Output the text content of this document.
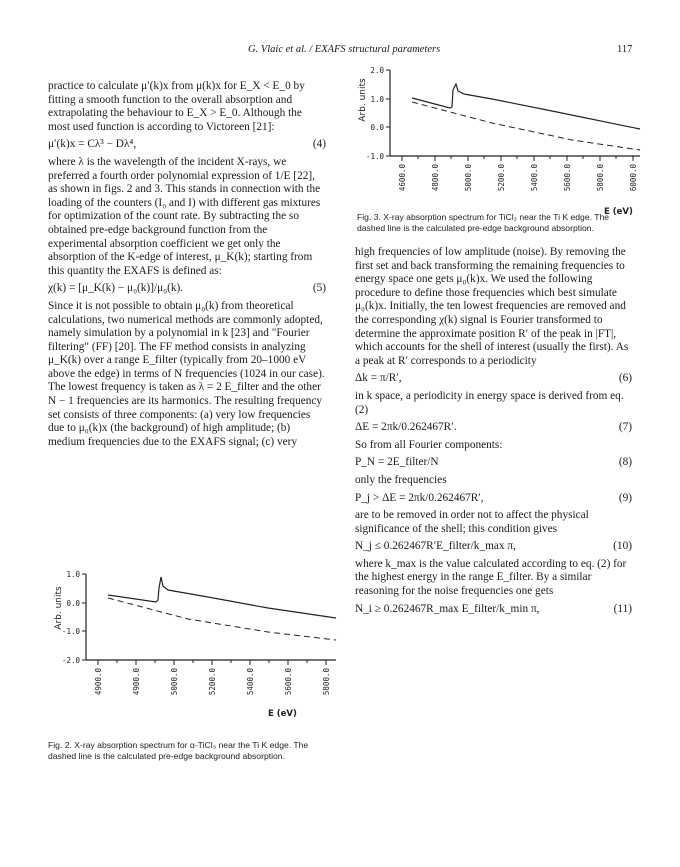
G. Vlaic et al. / EXAFS structural parameters	117

practice to calculate μ′(k)x from μ(k)x for E_X < E_0 by fitting a smooth function to the overall absorption and extrapolating the behaviour to E_X > E_0. Although the most used function is according to Victoreen [21]:

μ′(k)x = Cλ³ − Dλ⁴,	(4)

where λ is the wavelength of the incident X-rays, we preferred a fourth order polynomial expression of 1/E [22], as shown in figs. 2 and 3. This stands in connection with the loading of the counters (I₀ and I) with different gas mixtures for optimization of the count rate. By subtracting the so obtained pre-edge background function from the experimental absorption coefficient we get only the absorption of the K-edge of interest, μ_K(k); starting from this quantity the EXAFS is defined as:

χ(k) = [μ_K(k) − μ₀(k)]/μ₀(k).	(5)

Since it is not possible to obtain μ₀(k) from theoretical calculations, two numerical methods are commonly adopted, namely simulation by a polynomial in k [23] and "Fourier filtering" (FF) [20]. The FF method consists in analyzing μ_K(k) over a range E_filter (typically from 20–1000 eV above the edge) in terms of N frequencies (1024 in our case). The lowest frequency is taken as λ = 2 E_filter and the other N − 1 frequencies are its harmonics. The resulting frequency set consists of three components: (a) very low frequencies due to μ₀(k)x (the background) of high amplitude; (b) medium frequencies due to the EXAFS signal; (c) very

high frequencies of low amplitude (noise). By removing the first set and back transforming the remaining frequencies to energy space one gets μ₀(k)x. We used the following procedure to define those frequencies which best simulate μ₀(k)x. Initially, the ten lowest frequencies are removed and the corresponding χ(k) signal is Fourier transformed to determine the approximate position R′ of the peak in |FT|, which accounts for the shell of interest (usually the first). As a peak at R′ corresponds to a periodicity

Δk = π/R′,	(6)

in k space, a periodicity in energy space is derived from eq. (2)

ΔE = 2πk/0.262467R′.	(7)

So from all Fourier components:

P_N = 2E_filter/N	(8)

only the frequencies

P_j > ΔE = 2πk/0.262467R′,	(9)

are to be removed in order not to affect the physical significance of the shell; this condition gives

N_j ≤ 0.262467R′E_filter/k_max π,	(10)

where k_max is the value calculated according to eq. (2) for the highest energy in the range E_filter. By a similar reasoning for the noise frequencies one gets

N_i ≥ 0.262467R_max E_filter/k_min π,	(11)
Arb. units
2.0
1.0
0.0
-1.0
4600.0	4800.0	5000.0	5200.0	5400.0	5600.0	5800.0	6000.0
E (eV)
Fig. 3. X-ray absorption spectrum for TiCl₂ near the Ti K edge. The dashed line is the calculated pre-edge background absorption.
Arb. units
1.0
0.0
-1.0
-2.0
4900.0	4900.0	5000.0	5200.0	5400.0	5600.0	5800.0
E (eV)
Fig. 2. X-ray absorption spectrum for α-TiCl₃ near the Ti K edge. The dashed line is the calculated pre-edge background absorption.
